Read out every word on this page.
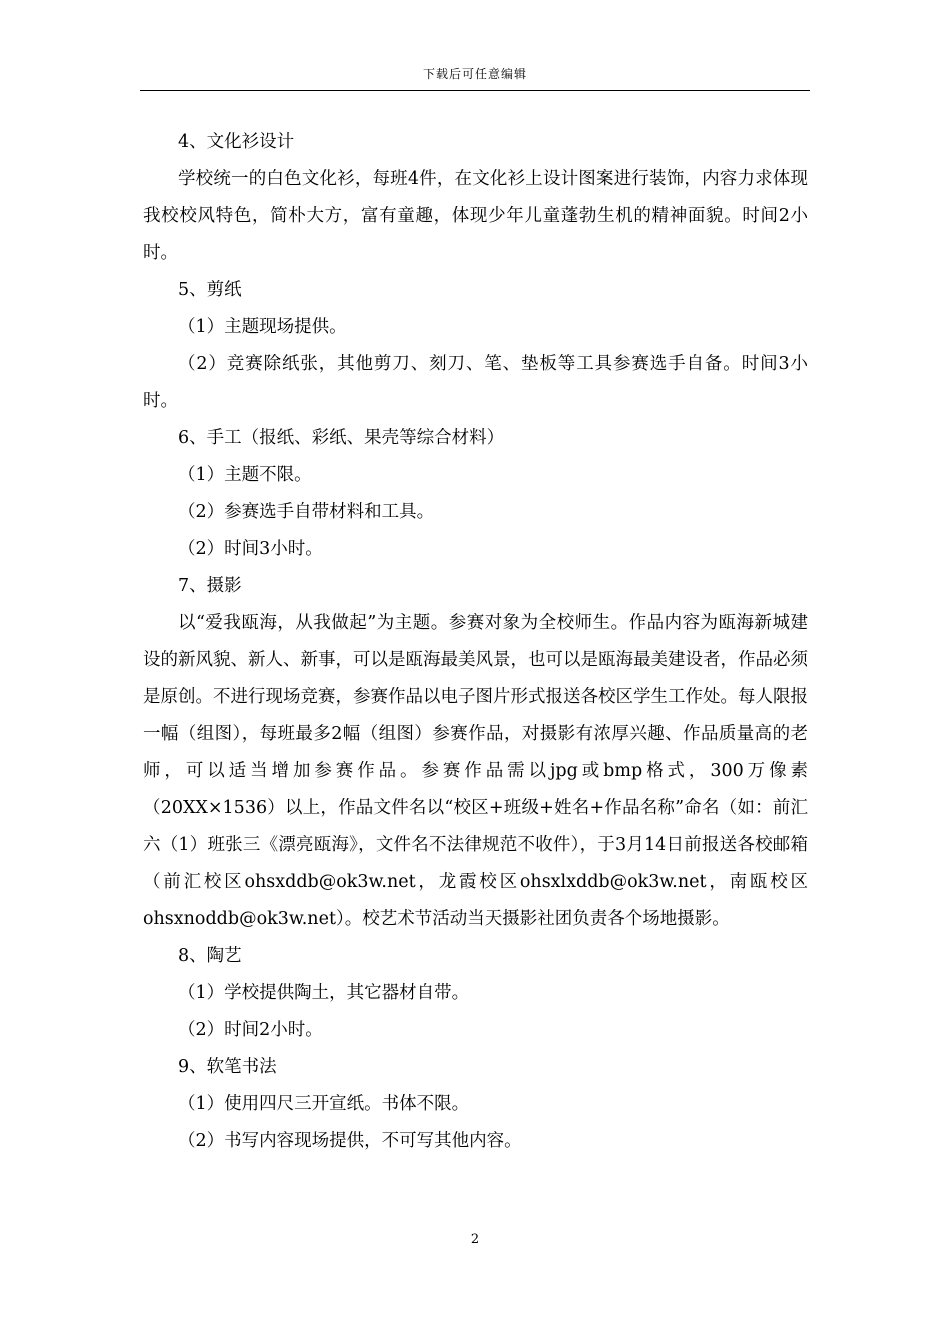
下载后可任意编辑

4、文化衫设计

学校统一的白色文化衫，每班4件，在文化衫上设计图案进行装饰，内容力求体现我校校风特色，简朴大方，富有童趣，体现少年儿童蓬勃生机的精神面貌。时间2小时。

5、剪纸

（1）主题现场提供。

（2）竞赛除纸张，其他剪刀、刻刀、笔、垫板等工具参赛选手自备。时间3小时。

6、手工（报纸、彩纸、果壳等综合材料）

（1）主题不限。

（2）参赛选手自带材料和工具。

（2）时间3小时。

7、摄影

以“爱我瓯海，从我做起”为主题。参赛对象为全校师生。作品内容为瓯海新城建设的新风貌、新人、新事，可以是瓯海最美风景，也可以是瓯海最美建设者，作品必须是原创。不进行现场竞赛，参赛作品以电子图片形式报送各校区学生工作处。每人限报一幅（组图），每班最多2幅（组图）参赛作品，对摄影有浓厚兴趣、作品质量高的老师，可以适当增加参赛作品。参赛作品需以jpg或bmp格式，300万像素（20XX×1536）以上，作品文件名以“校区+班级+姓名+作品名称”命名（如：前汇六（1）班张三《漂亮瓯海》，文件名不法律规范不收件），于3月14日前报送各校邮箱（前汇校区ohsxddb@ok3w.net，龙霞校区ohsxlxddb@ok3w.net，南瓯校区ohsxnoddb@ok3w.net）。校艺术节活动当天摄影社团负责各个场地摄影。

8、陶艺

（1）学校提供陶土，其它器材自带。

（2）时间2小时。

9、软笔书法

（1）使用四尺三开宣纸。书体不限。

（2）书写内容现场提供，不可写其他内容。

2
